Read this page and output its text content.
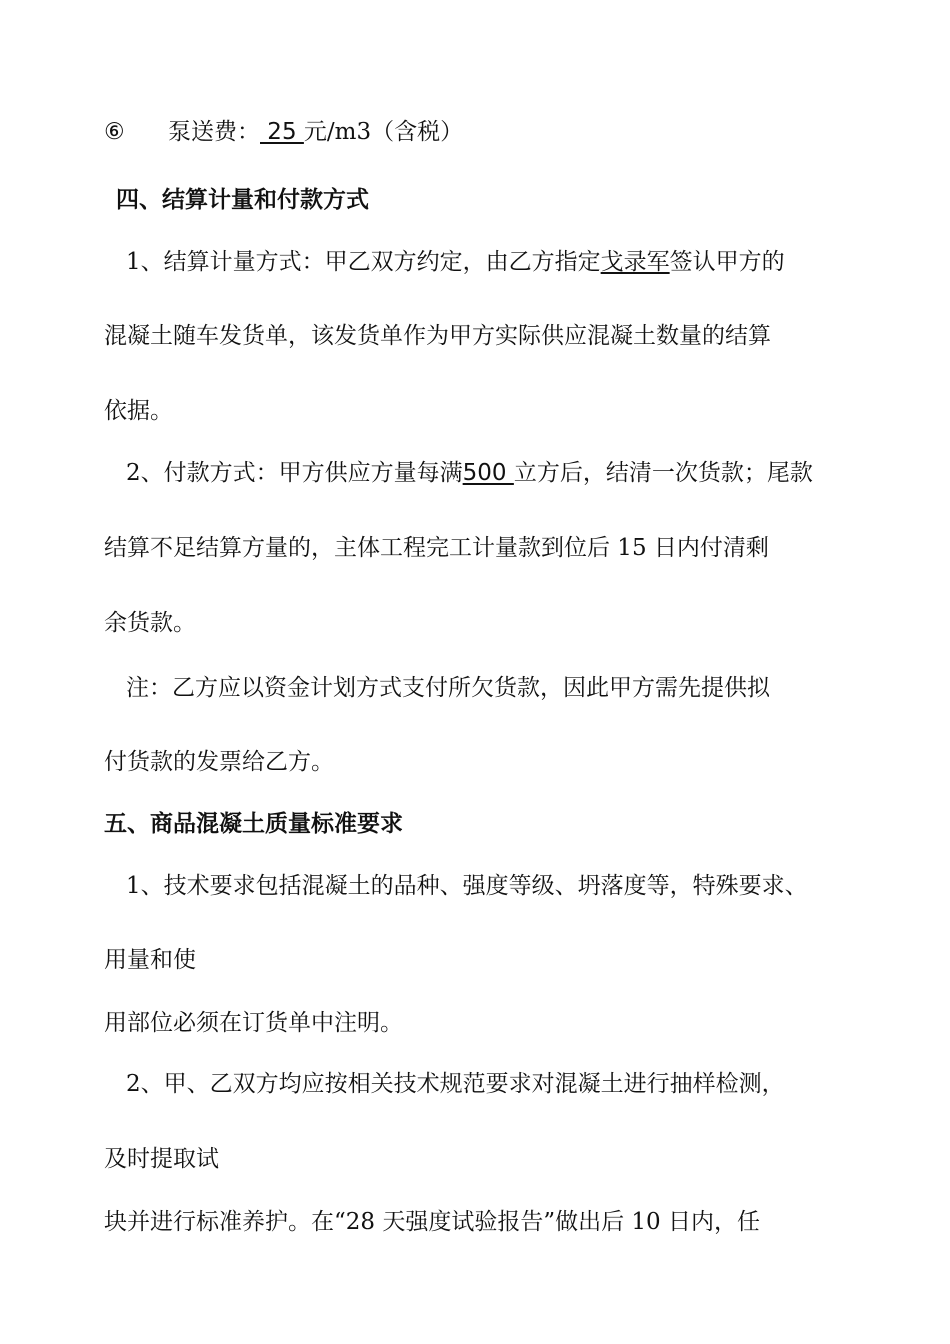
⑥ 泵送费： 25 元/m3（含税）
四、结算计量和付款方式
1、结算计量方式：甲乙双方约定，由乙方指定戈录军签认甲方的
混凝土随车发货单，该发货单作为甲方实际供应混凝土数量的结算
依据。
2、付款方式：甲方供应方量每满500 立方后，结清一次货款；尾款
结算不足结算方量的，主体工程完工计量款到位后 15 日内付清剩
余货款。
注：乙方应以资金计划方式支付所欠货款，因此甲方需先提供拟
付货款的发票给乙方。
五、商品混凝土质量标准要求
1、技术要求包括混凝土的品种、强度等级、坍落度等，特殊要求、
用量和使
用部位必须在订货单中注明。
2、甲、乙双方均应按相关技术规范要求对混凝土进行抽样检测，
及时提取试
块并进行标准养护。在“28 天强度试验报告”做出后 10 日内，任
